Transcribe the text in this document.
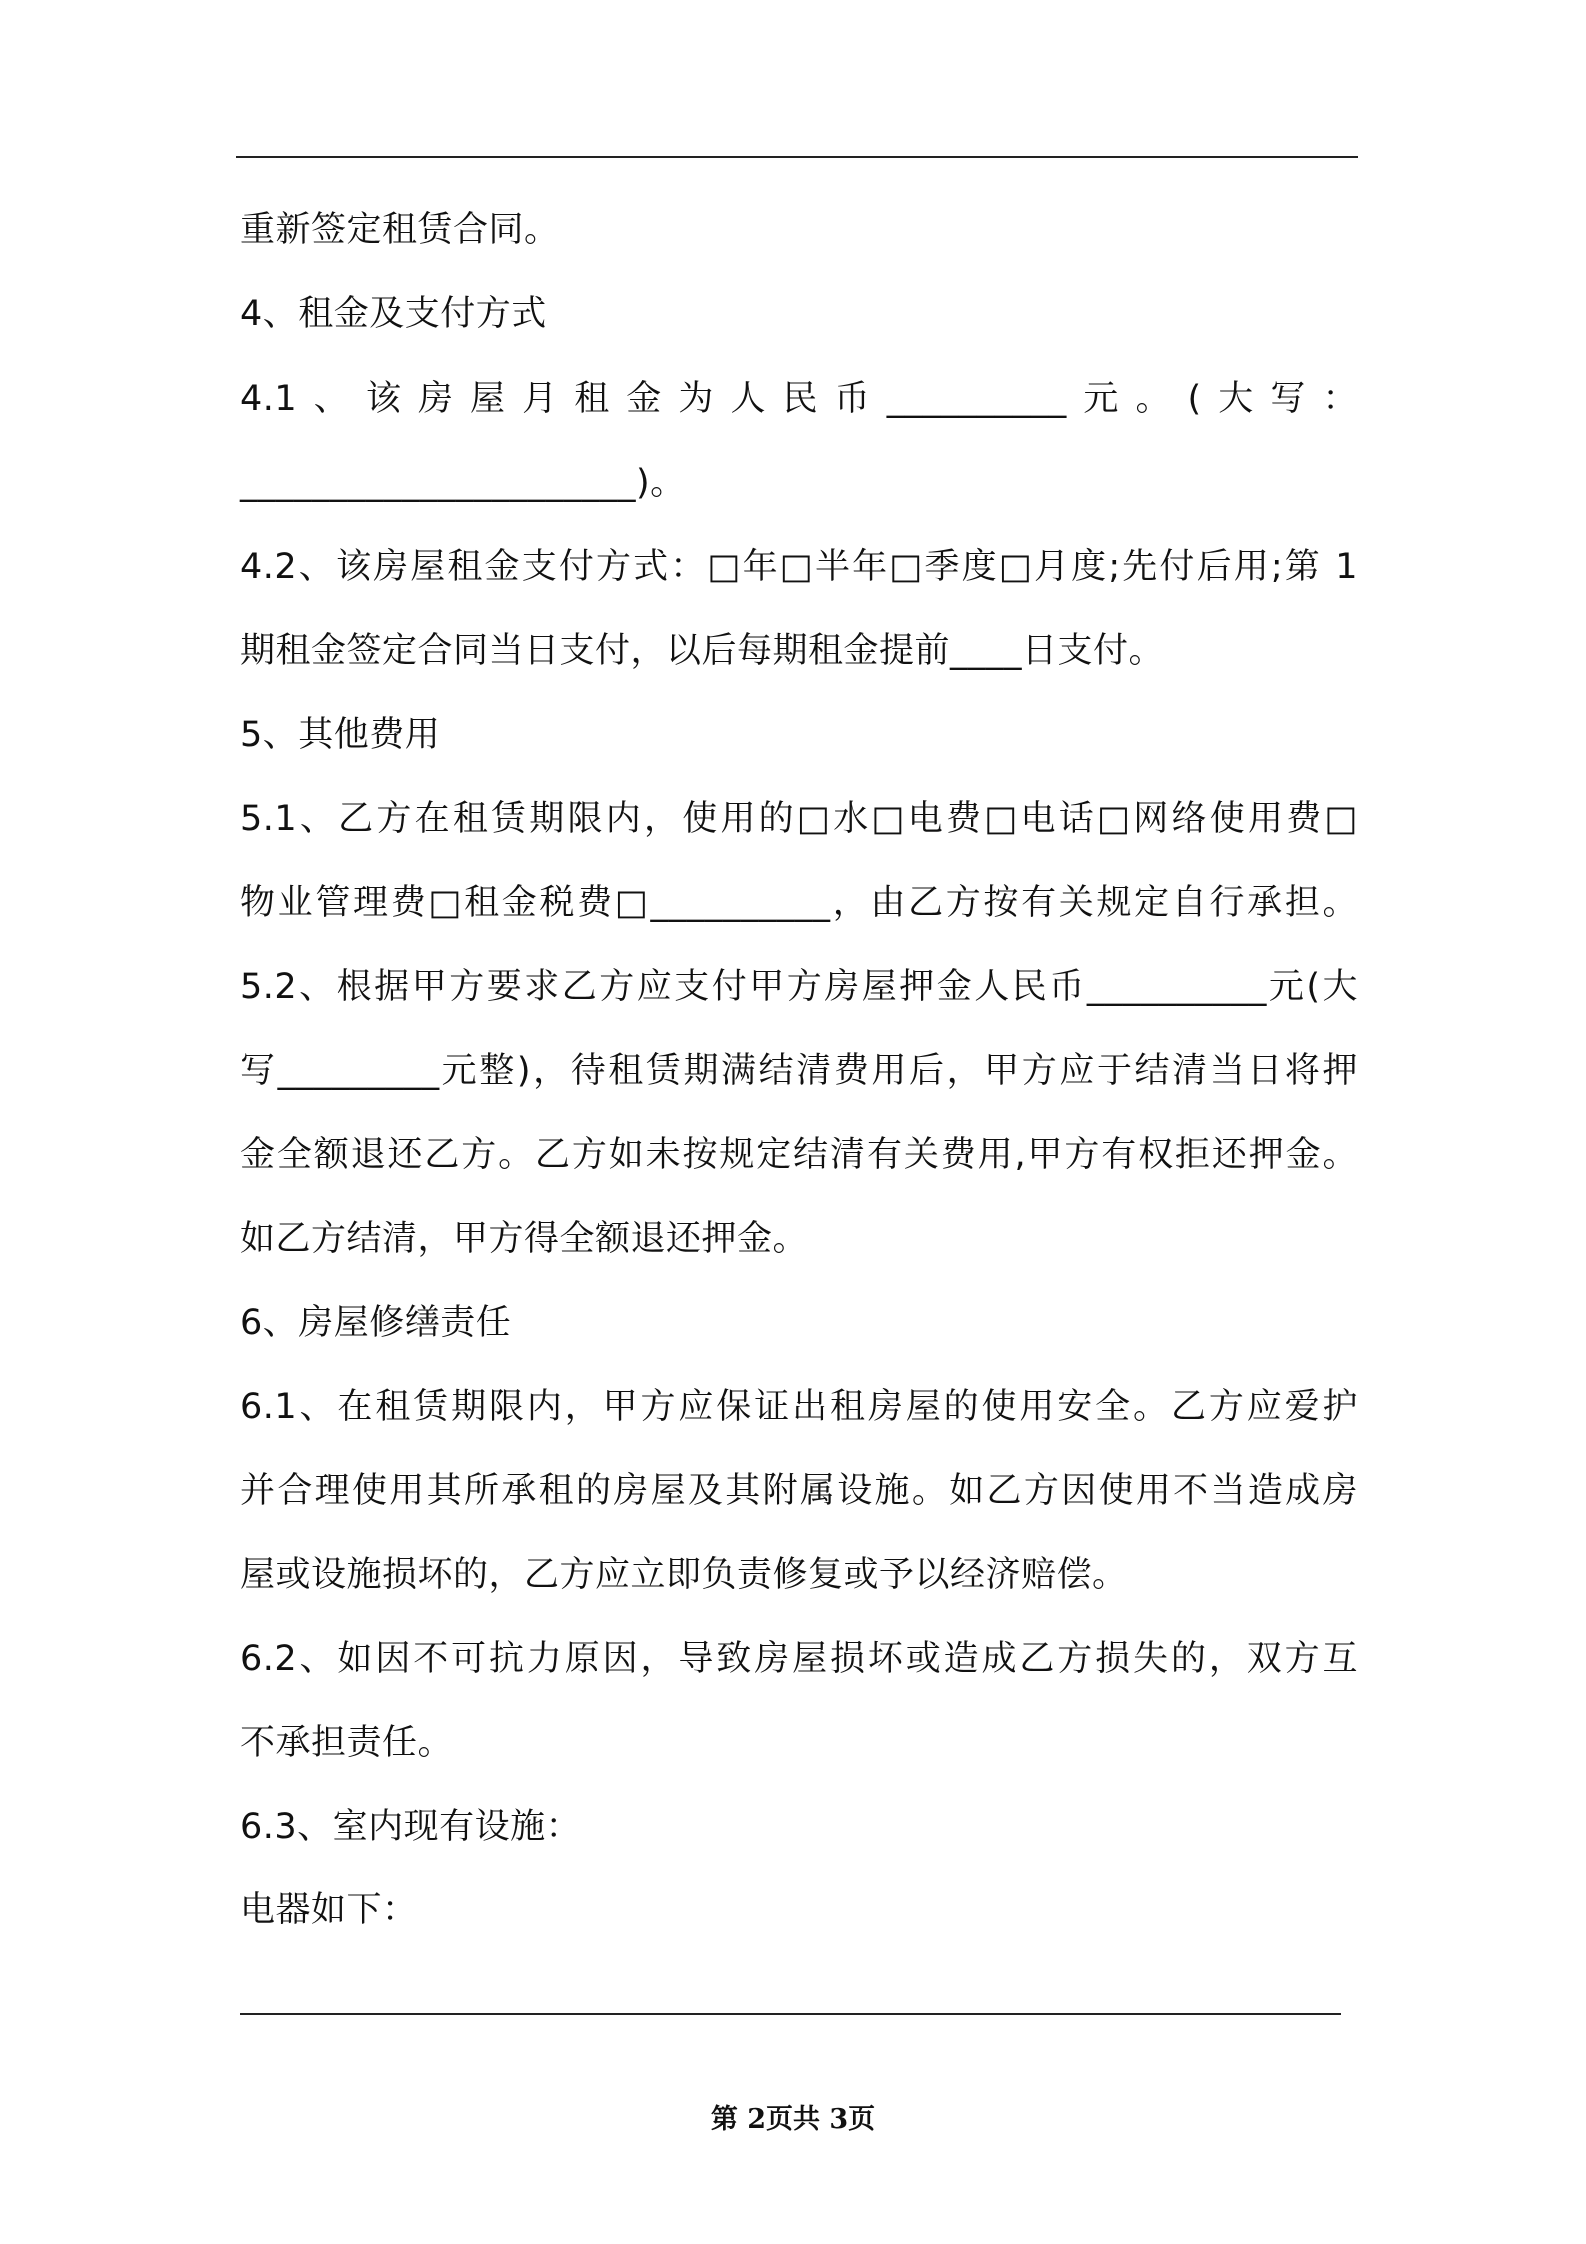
重新签定租赁合同。
4、租金及支付方式
4.1、该房屋月租金为人民币__________元。(大写：
______________________)。
4.2、该房屋租金支付方式：□年□半年□季度□月度;先付后用;第 1
期租金签定合同当日支付，以后每期租金提前____日支付。
5、其他费用
5.1、乙方在租赁期限内，使用的□水□电费□电话□网络使用费□
物业管理费□租金税费□__________，由乙方按有关规定自行承担。
5.2、根据甲方要求乙方应支付甲方房屋押金人民币__________元(大
写_________元整)，待租赁期满结清费用后，甲方应于结清当日将押
金全额退还乙方。乙方如未按规定结清有关费用,甲方有权拒还押金。
如乙方结清，甲方得全额退还押金。
6、房屋修缮责任
6.1、在租赁期限内，甲方应保证出租房屋的使用安全。乙方应爱护
并合理使用其所承租的房屋及其附属设施。如乙方因使用不当造成房
屋或设施损坏的，乙方应立即负责修复或予以经济赔偿。
6.2、如因不可抗力原因，导致房屋损坏或造成乙方损失的，双方互
不承担责任。
6.3、室内现有设施：
电器如下：
第 2页共 3页
